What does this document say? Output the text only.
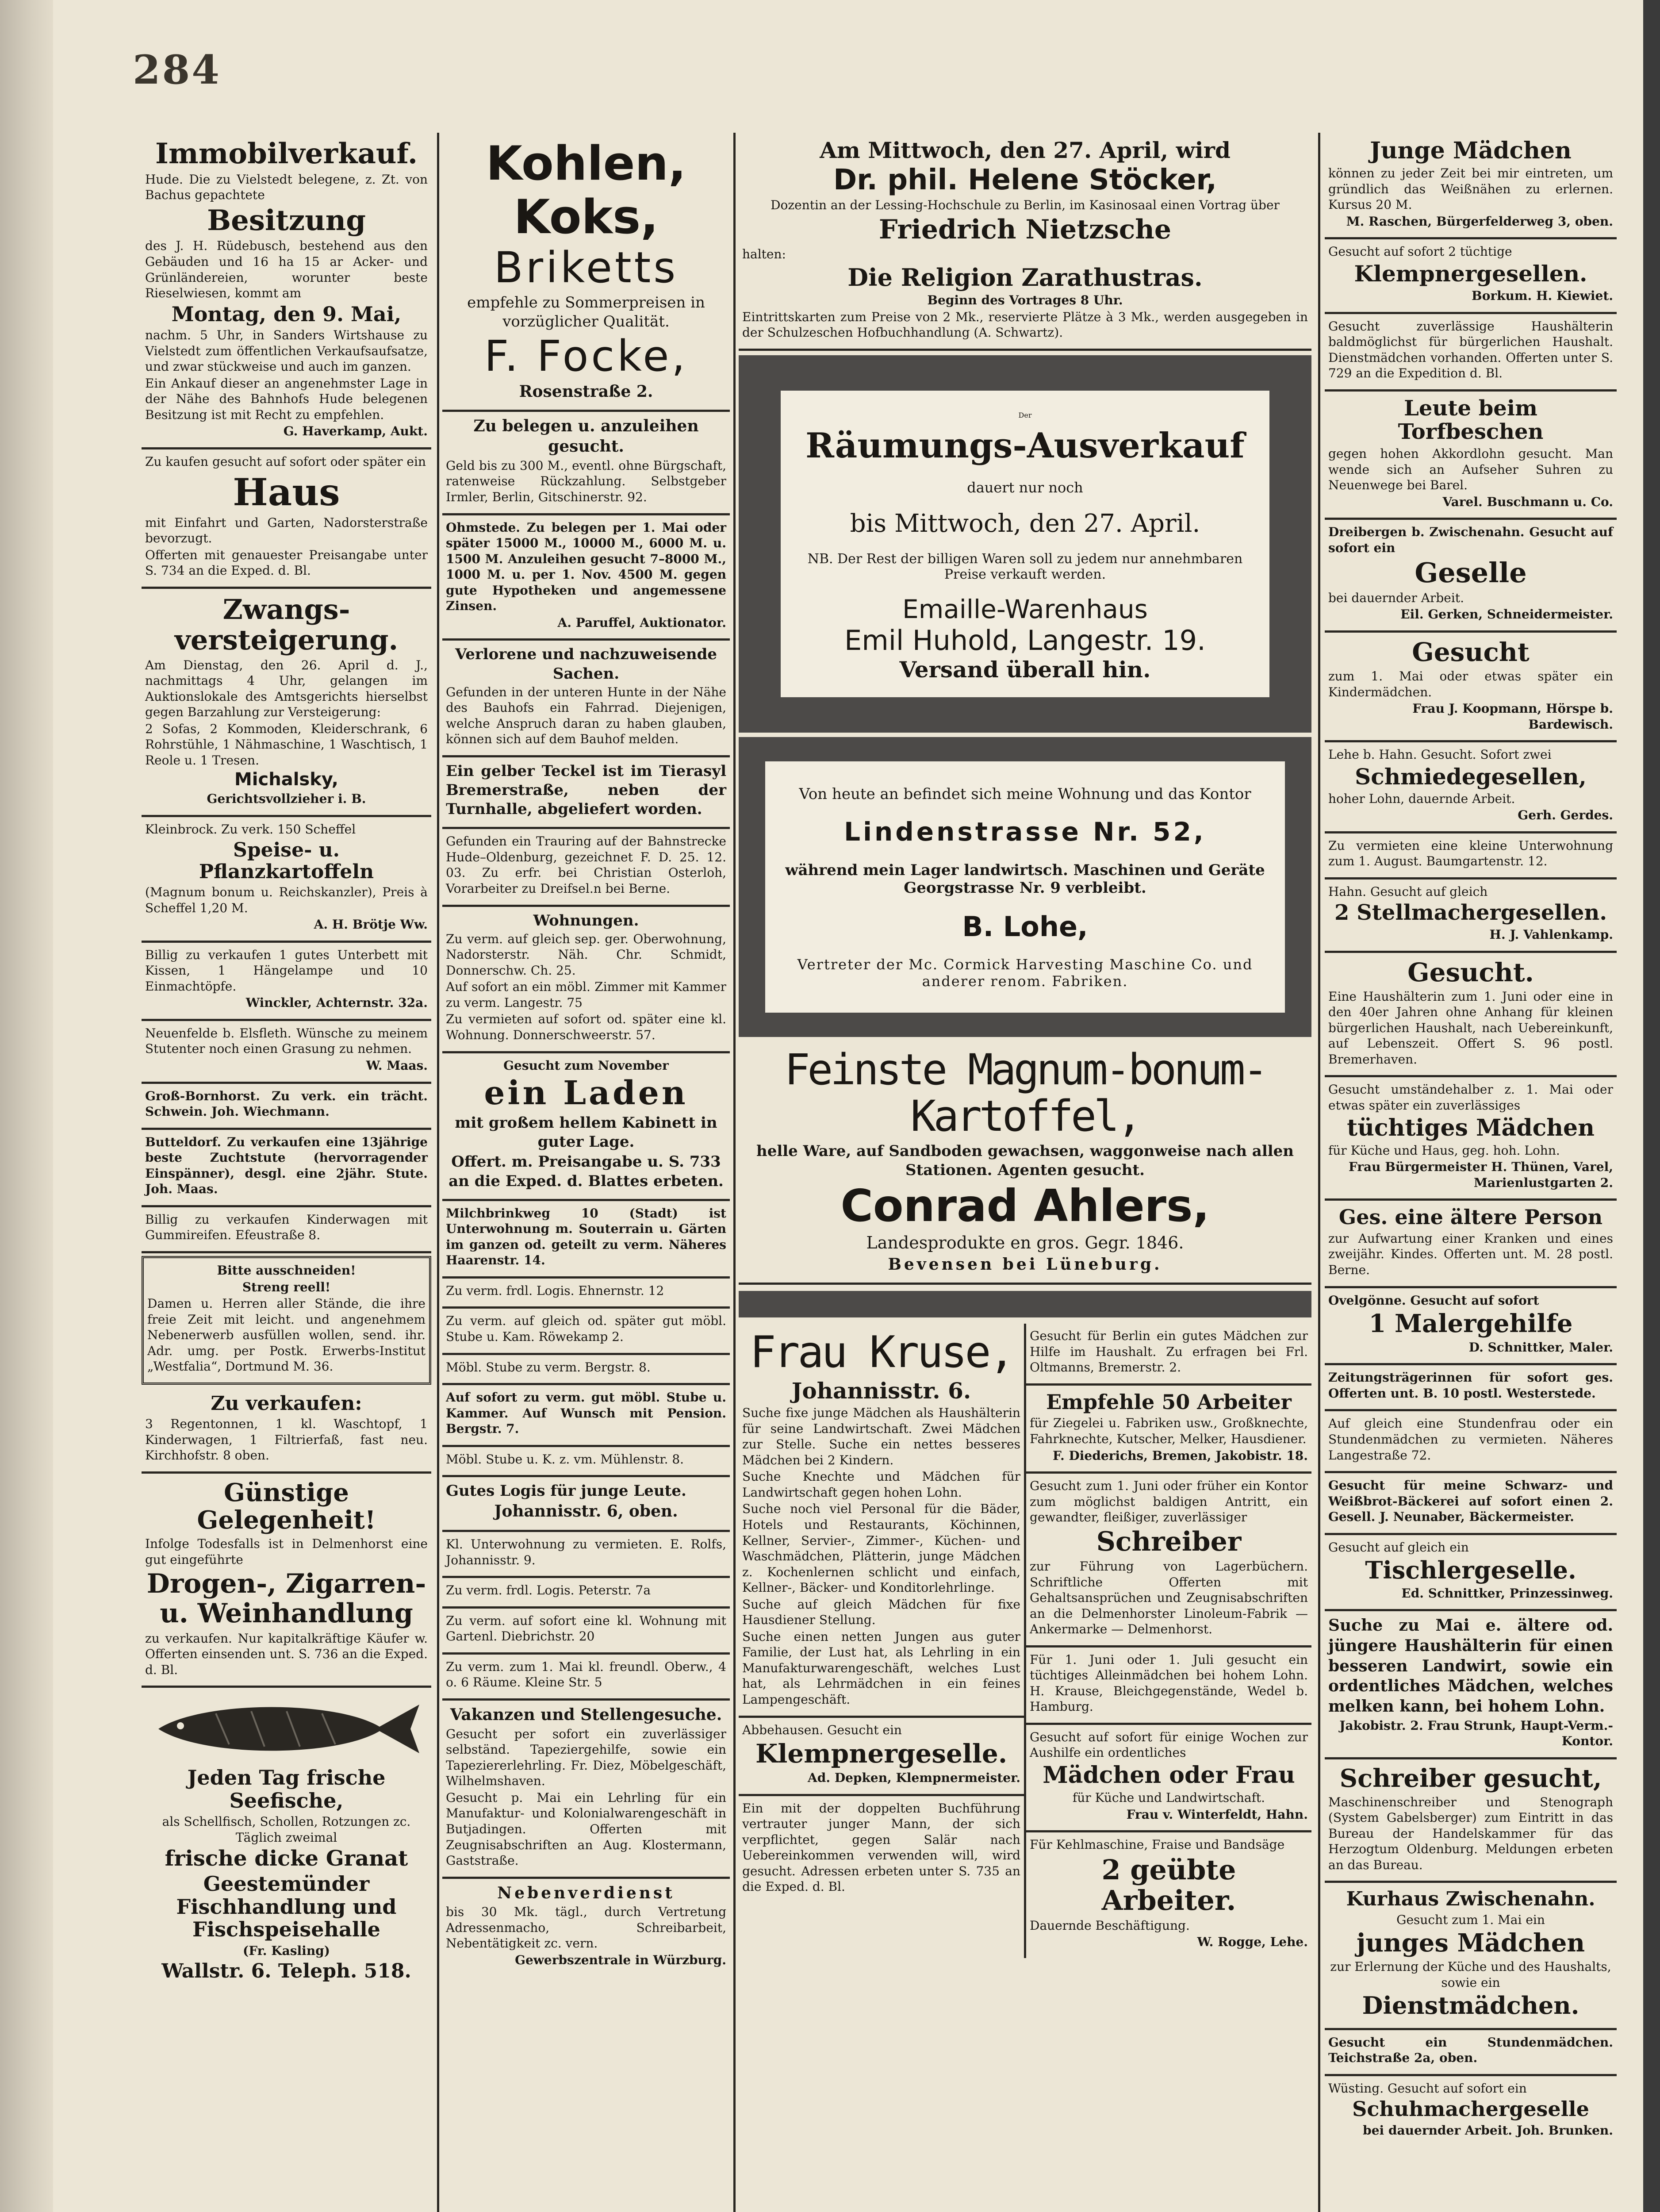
284
Immobilverkauf.

Hude. Die zu Vielstedt belegene, z. Zt. von Bachus gepachtete

Besitzung

des J. H. Rüdebusch, bestehend aus den Gebäuden und 16 ha 15 ar Acker- und Grünländereien, worunter beste Rieselwiesen, kommt am

Montag, den 9. Mai,

nachm. 5 Uhr, in Sanders Wirtshause zu Vielstedt zum öffentlichen Verkaufsaufsatze, und zwar stückweise und auch im ganzen.

Ein Ankauf dieser an angenehmster Lage in der Nähe des Bahnhofs Hude belegenen Besitzung ist mit Recht zu empfehlen.

G. Haverkamp, Aukt.

Zu kaufen gesucht auf sofort oder später ein

Haus

mit Einfahrt und Garten, Nadorsterstraße bevorzugt.

Offerten mit genauester Preisangabe unter S. 734 an die Exped. d. Bl.

Zwangs-versteigerung.

Am Dienstag, den 26. April d. J., nachmittags 4 Uhr, gelangen im Auktionslokale des Amtsgerichts hierselbst gegen Barzahlung zur Versteigerung:

2 Sofas, 2 Kommoden, Kleiderschrank, 6 Rohrstühle, 1 Nähmaschine, 1 Waschtisch, 1 Reole u. 1 Tresen.

Michalsky,

Gerichtsvollzieher i. B.

Kleinbrock. Zu verk. 150 Scheffel

Speise- u. Pflanzkartoffeln

(Magnum bonum u. Reichskanzler), Preis à Scheffel 1,20 M.

A. H. Brötje Ww.

Billig zu verkaufen 1 gutes Unterbett mit Kissen, 1 Hängelampe und 10 Einmachtöpfe.

Winckler, Achternstr. 32a.

Neuenfelde b. Elsfleth. Wünsche zu meinem Stutenter noch einen Grasung zu nehmen.

W. Maas.

Groß-Bornhorst. Zu verk. ein trächt. Schwein. Joh. Wiechmann.

Butteldorf. Zu verkaufen eine 13jährige beste Zuchtstute (hervorragender Einspänner), desgl. eine 2jähr. Stute. Joh. Maas.

Billig zu verkaufen Kinderwagen mit Gummireifen. Efeustraße 8.

Bitte ausschneiden!

Streng reell!

Damen u. Herren aller Stände, die ihre freie Zeit mit leicht. und angenehmem Nebenerwerb ausfüllen wollen, send. ihr. Adr. umg. per Postk. Erwerbs-Institut „Westfalia“, Dortmund M. 36.

Zu verkaufen:

3 Regentonnen, 1 kl. Waschtopf, 1 Kinderwagen, 1 Filtrierfaß, fast neu. Kirchhofstr. 8 oben.

Günstige Gelegenheit!

Infolge Todesfalls ist in Delmenhorst eine gut eingeführte

Drogen-, Zigarren- u. Weinhandlung

zu verkaufen. Nur kapitalkräftige Käufer w. Offerten einsenden unt. S. 736 an die Exped. d. Bl.

Jeden Tag frische Seefische,

als Schellfisch, Schollen, Rotzungen zc. Täglich zweimal

frische dicke Granat
Geestemünder Fischhandlung und Fischspeisehalle

(Fr. Kasling)

Wallstr. 6. Teleph. 518.
Kohlen,
Koks,
Briketts

empfehle zu Sommerpreisen in vorzüglicher Qualität.

F. Focke,

Rosenstraße 2.

Zu belegen u. anzuleihen gesucht.

Geld bis zu 300 M., eventl. ohne Bürgschaft, ratenweise Rückzahlung. Selbstgeber Irmler, Berlin, Gitschinerstr. 92.

Ohmstede. Zu belegen per 1. Mai oder später 15000 M., 10000 M., 6000 M. u. 1500 M. Anzuleihen gesucht 7–8000 M., 1000 M. u. per 1. Nov. 4500 M. gegen gute Hypotheken und angemessene Zinsen.

A. Paruffel, Auktionator.

Verlorene und nachzuweisende Sachen.

Gefunden in der unteren Hunte in der Nähe des Bauhofs ein Fahrrad. Diejenigen, welche Anspruch daran zu haben glauben, können sich auf dem Bauhof melden.

Ein gelber Teckel ist im Tierasyl Bremerstraße, neben der Turnhalle, abgeliefert worden.

Gefunden ein Trauring auf der Bahnstrecke Hude–Oldenburg, gezeichnet F. D. 25. 12. 03. Zu erfr. bei Christian Osterloh, Vorarbeiter zu Dreifsel.n bei Berne.

Wohnungen.

Zu verm. auf gleich sep. ger. Oberwohnung, Nadorsterstr. Näh. Chr. Schmidt, Donnerschw. Ch. 25.

Auf sofort an ein möbl. Zimmer mit Kammer zu verm. Langestr. 75

Zu vermieten auf sofort od. später eine kl. Wohnung. Donnerschweerstr. 57.

Gesucht zum November

ein Laden

mit großem hellem Kabinett in guter Lage.

Offert. m. Preisangabe u. S. 733 an die Exped. d. Blattes erbeten.

Milchbrinkweg 10 (Stadt) ist Unterwohnung m. Souterrain u. Gärten im ganzen od. geteilt zu verm. Näheres Haarenstr. 14.

Zu verm. frdl. Logis. Ehnernstr. 12

Zu verm. auf gleich od. später gut möbl. Stube u. Kam. Röwekamp 2.

Möbl. Stube zu verm. Bergstr. 8.

Auf sofort zu verm. gut möbl. Stube u. Kammer. Auf Wunsch mit Pension. Bergstr. 7.

Möbl. Stube u. K. z. vm. Mühlenstr. 8.

Gutes Logis für junge Leute.

Johannisstr. 6, oben.

Kl. Unterwohnung zu vermieten. E. Rolfs, Johannisstr. 9.

Zu verm. frdl. Logis. Peterstr. 7a

Zu verm. auf sofort eine kl. Wohnung mit Gartenl. Diebrichstr. 20

Zu verm. zum 1. Mai kl. freundl. Oberw., 4 o. 6 Räume. Kleine Str. 5

Vakanzen und Stellengesuche.

Gesucht per sofort ein zuverlässiger selbständ. Tapeziergehilfe, sowie ein Tapeziererlehrling. Fr. Diez, Möbelgeschäft, Wilhelmshaven.

Gesucht p. Mai ein Lehrling für ein Manufaktur- und Kolonialwarengeschäft in Butjadingen. Offerten mit Zeugnisabschriften an Aug. Klostermann, Gaststraße.

Nebenverdienst

bis 30 Mk. tägl., durch Vertretung Adressenmacho, Schreibarbeit, Nebentätigkeit zc. vern.

Gewerbszentrale in Würzburg.

Am Mittwoch, den 27. April, wird
Dr. phil. Helene Stöcker,

Dozentin an der Lessing-Hochschule zu Berlin, im Kasinosaal einen Vortrag über

Friedrich Nietzsche

halten:

Die Religion Zarathustras.

Beginn des Vortrages 8 Uhr.

Eintrittskarten zum Preise von 2 Mk., reservierte Plätze à 3 Mk., werden ausgegeben in der Schulzeschen Hofbuchhandlung (A. Schwartz).

Der

Räumungs-Ausverkauf

dauert nur noch

bis Mittwoch, den 27. April.

NB. Der Rest der billigen Waren soll zu jedem nur annehmbaren Preise verkauft werden.

Emaille-Warenhaus
Emil Huhold, Langestr. 19.
Versand überall hin.

Von heute an befindet sich meine Wohnung und das Kontor

Lindenstrasse Nr. 52,

während mein Lager landwirtsch. Maschinen und Geräte Georgstrasse Nr. 9 verbleibt.

B. Lohe,

Vertreter der Mc. Cormick Harvesting Maschine Co. und anderer renom. Fabriken.

Feinste Magnum-bonum-Kartoffel,

helle Ware, auf Sandboden gewachsen, waggonweise nach allen Stationen. Agenten gesucht.

Conrad Ahlers,

Landesprodukte en gros. Gegr. 1846.

Bevensen bei Lüneburg.

Frau Kruse,
Johannisstr. 6.

Suche fixe junge Mädchen als Haushälterin für seine Landwirtschaft. Zwei Mädchen zur Stelle. Suche ein nettes besseres Mädchen bei 2 Kindern.

Suche Knechte und Mädchen für Landwirtschaft gegen hohen Lohn.

Suche noch viel Personal für die Bäder, Hotels und Restaurants, Köchinnen, Kellner, Servier-, Zimmer-, Küchen- und Waschmädchen, Plätterin, junge Mädchen z. Kochenlernen schlicht und einfach, Kellner-, Bäcker- und Konditorlehrlinge.

Suche auf gleich Mädchen für fixe Hausdiener Stellung.

Suche einen netten Jungen aus guter Familie, der Lust hat, als Lehrling in ein Manufakturwarengeschäft, welches Lust hat, als Lehrmädchen in ein feines Lampengeschäft.

Abbehausen. Gesucht ein

Klempnergeselle.

Ad. Depken, Klempnermeister.

Ein mit der doppelten Buchführung vertrauter junger Mann, der sich verpflichtet, gegen Salär nach Uebereinkommen verwenden will, wird gesucht. Adressen erbeten unter S. 735 an die Exped. d. Bl.

Gesucht für Berlin ein gutes Mädchen zur Hilfe im Haushalt. Zu erfragen bei Frl. Oltmanns, Bremerstr. 2.

Empfehle 50 Arbeiter

für Ziegelei u. Fabriken usw., Großknechte, Fahrknechte, Kutscher, Melker, Hausdiener.

F. Diederichs, Bremen, Jakobistr. 18.

Gesucht zum 1. Juni oder früher ein Kontor zum möglichst baldigen Antritt, ein gewandter, fleißiger, zuverlässiger

Schreiber

zur Führung von Lagerbüchern. Schriftliche Offerten mit Gehaltsansprüchen und Zeugnisabschriften an die Delmenhorster Linoleum-Fabrik — Ankermarke — Delmenhorst.

Für 1. Juni oder 1. Juli gesucht ein tüchtiges Alleinmädchen bei hohem Lohn. H. Krause, Bleichgegenstände, Wedel b. Hamburg.

Gesucht auf sofort für einige Wochen zur Aushilfe ein ordentliches

Mädchen oder Frau

für Küche und Landwirtschaft.

Frau v. Winterfeldt, Hahn.

Für Kehlmaschine, Fraise und Bandsäge

2 geübte Arbeiter.

Dauernde Beschäftigung.

W. Rogge, Lehe.

Junge Mädchen

können zu jeder Zeit bei mir eintreten, um gründlich das Weißnähen zu erlernen. Kursus 20 M.

M. Raschen, Bürgerfelderweg 3, oben.

Gesucht auf sofort 2 tüchtige

Klempnergesellen.

Borkum. H. Kiewiet.

Gesucht zuverlässige Haushälterin baldmöglichst für bürgerlichen Haushalt. Dienstmädchen vorhanden. Offerten unter S. 729 an die Expedition d. Bl.

Leute beim Torfbeschen

gegen hohen Akkordlohn gesucht. Man wende sich an Aufseher Suhren zu Neuenwege bei Barel.

Varel. Buschmann u. Co.

Dreibergen b. Zwischenahn. Gesucht auf sofort ein

Geselle

bei dauernder Arbeit.

Eil. Gerken, Schneidermeister.

Gesucht

zum 1. Mai oder etwas später ein Kindermädchen.

Frau J. Koopmann, Hörspe b. Bardewisch.

Lehe b. Hahn. Gesucht. Sofort zwei

Schmiedegesellen,

hoher Lohn, dauernde Arbeit.

Gerh. Gerdes.

Zu vermieten eine kleine Unterwohnung zum 1. August. Baumgartenstr. 12.

Hahn. Gesucht auf gleich

2 Stellmachergesellen.

H. J. Vahlenkamp.

Gesucht.

Eine Haushälterin zum 1. Juni oder eine in den 40er Jahren ohne Anhang für kleinen bürgerlichen Haushalt, nach Uebereinkunft, auf Lebenszeit. Offert S. 96 postl. Bremerhaven.

Gesucht umständehalber z. 1. Mai oder etwas später ein zuverlässiges

tüchtiges Mädchen

für Küche und Haus, geg. hoh. Lohn.

Frau Bürgermeister H. Thünen, Varel, Marienlustgarten 2.

Ges. eine ältere Person

zur Aufwartung einer Kranken und eines zweijähr. Kindes. Offerten unt. M. 28 postl. Berne.

Ovelgönne. Gesucht auf sofort

1 Malergehilfe

D. Schnittker, Maler.

Zeitungsträgerinnen für sofort ges. Offerten unt. B. 10 postl. Westerstede.

Auf gleich eine Stundenfrau oder ein Stundenmädchen zu vermieten. Näheres Langestraße 72.

Gesucht für meine Schwarz- und Weißbrot-Bäckerei auf sofort einen 2. Gesell. J. Neunaber, Bäckermeister.

Gesucht auf gleich ein

Tischlergeselle.

Ed. Schnittker, Prinzessinweg.

Suche zu Mai e. ältere od. jüngere Haushälterin für einen besseren Landwirt, sowie ein ordentliches Mädchen, welches melken kann, bei hohem Lohn.

Jakobistr. 2. Frau Strunk, Haupt-Verm.-Kontor.

Schreiber gesucht,

Maschinenschreiber und Stenograph (System Gabelsberger) zum Eintritt in das Bureau der Handelskammer für das Herzogtum Oldenburg. Meldungen erbeten an das Bureau.

Kurhaus Zwischenahn.

Gesucht zum 1. Mai ein

junges Mädchen

zur Erlernung der Küche und des Haushalts, sowie ein

Dienstmädchen.

Gesucht ein Stundenmädchen. Teichstraße 2a, oben.

Wüsting. Gesucht auf sofort ein

Schuhmachergeselle

bei dauernder Arbeit. Joh. Brunken.
